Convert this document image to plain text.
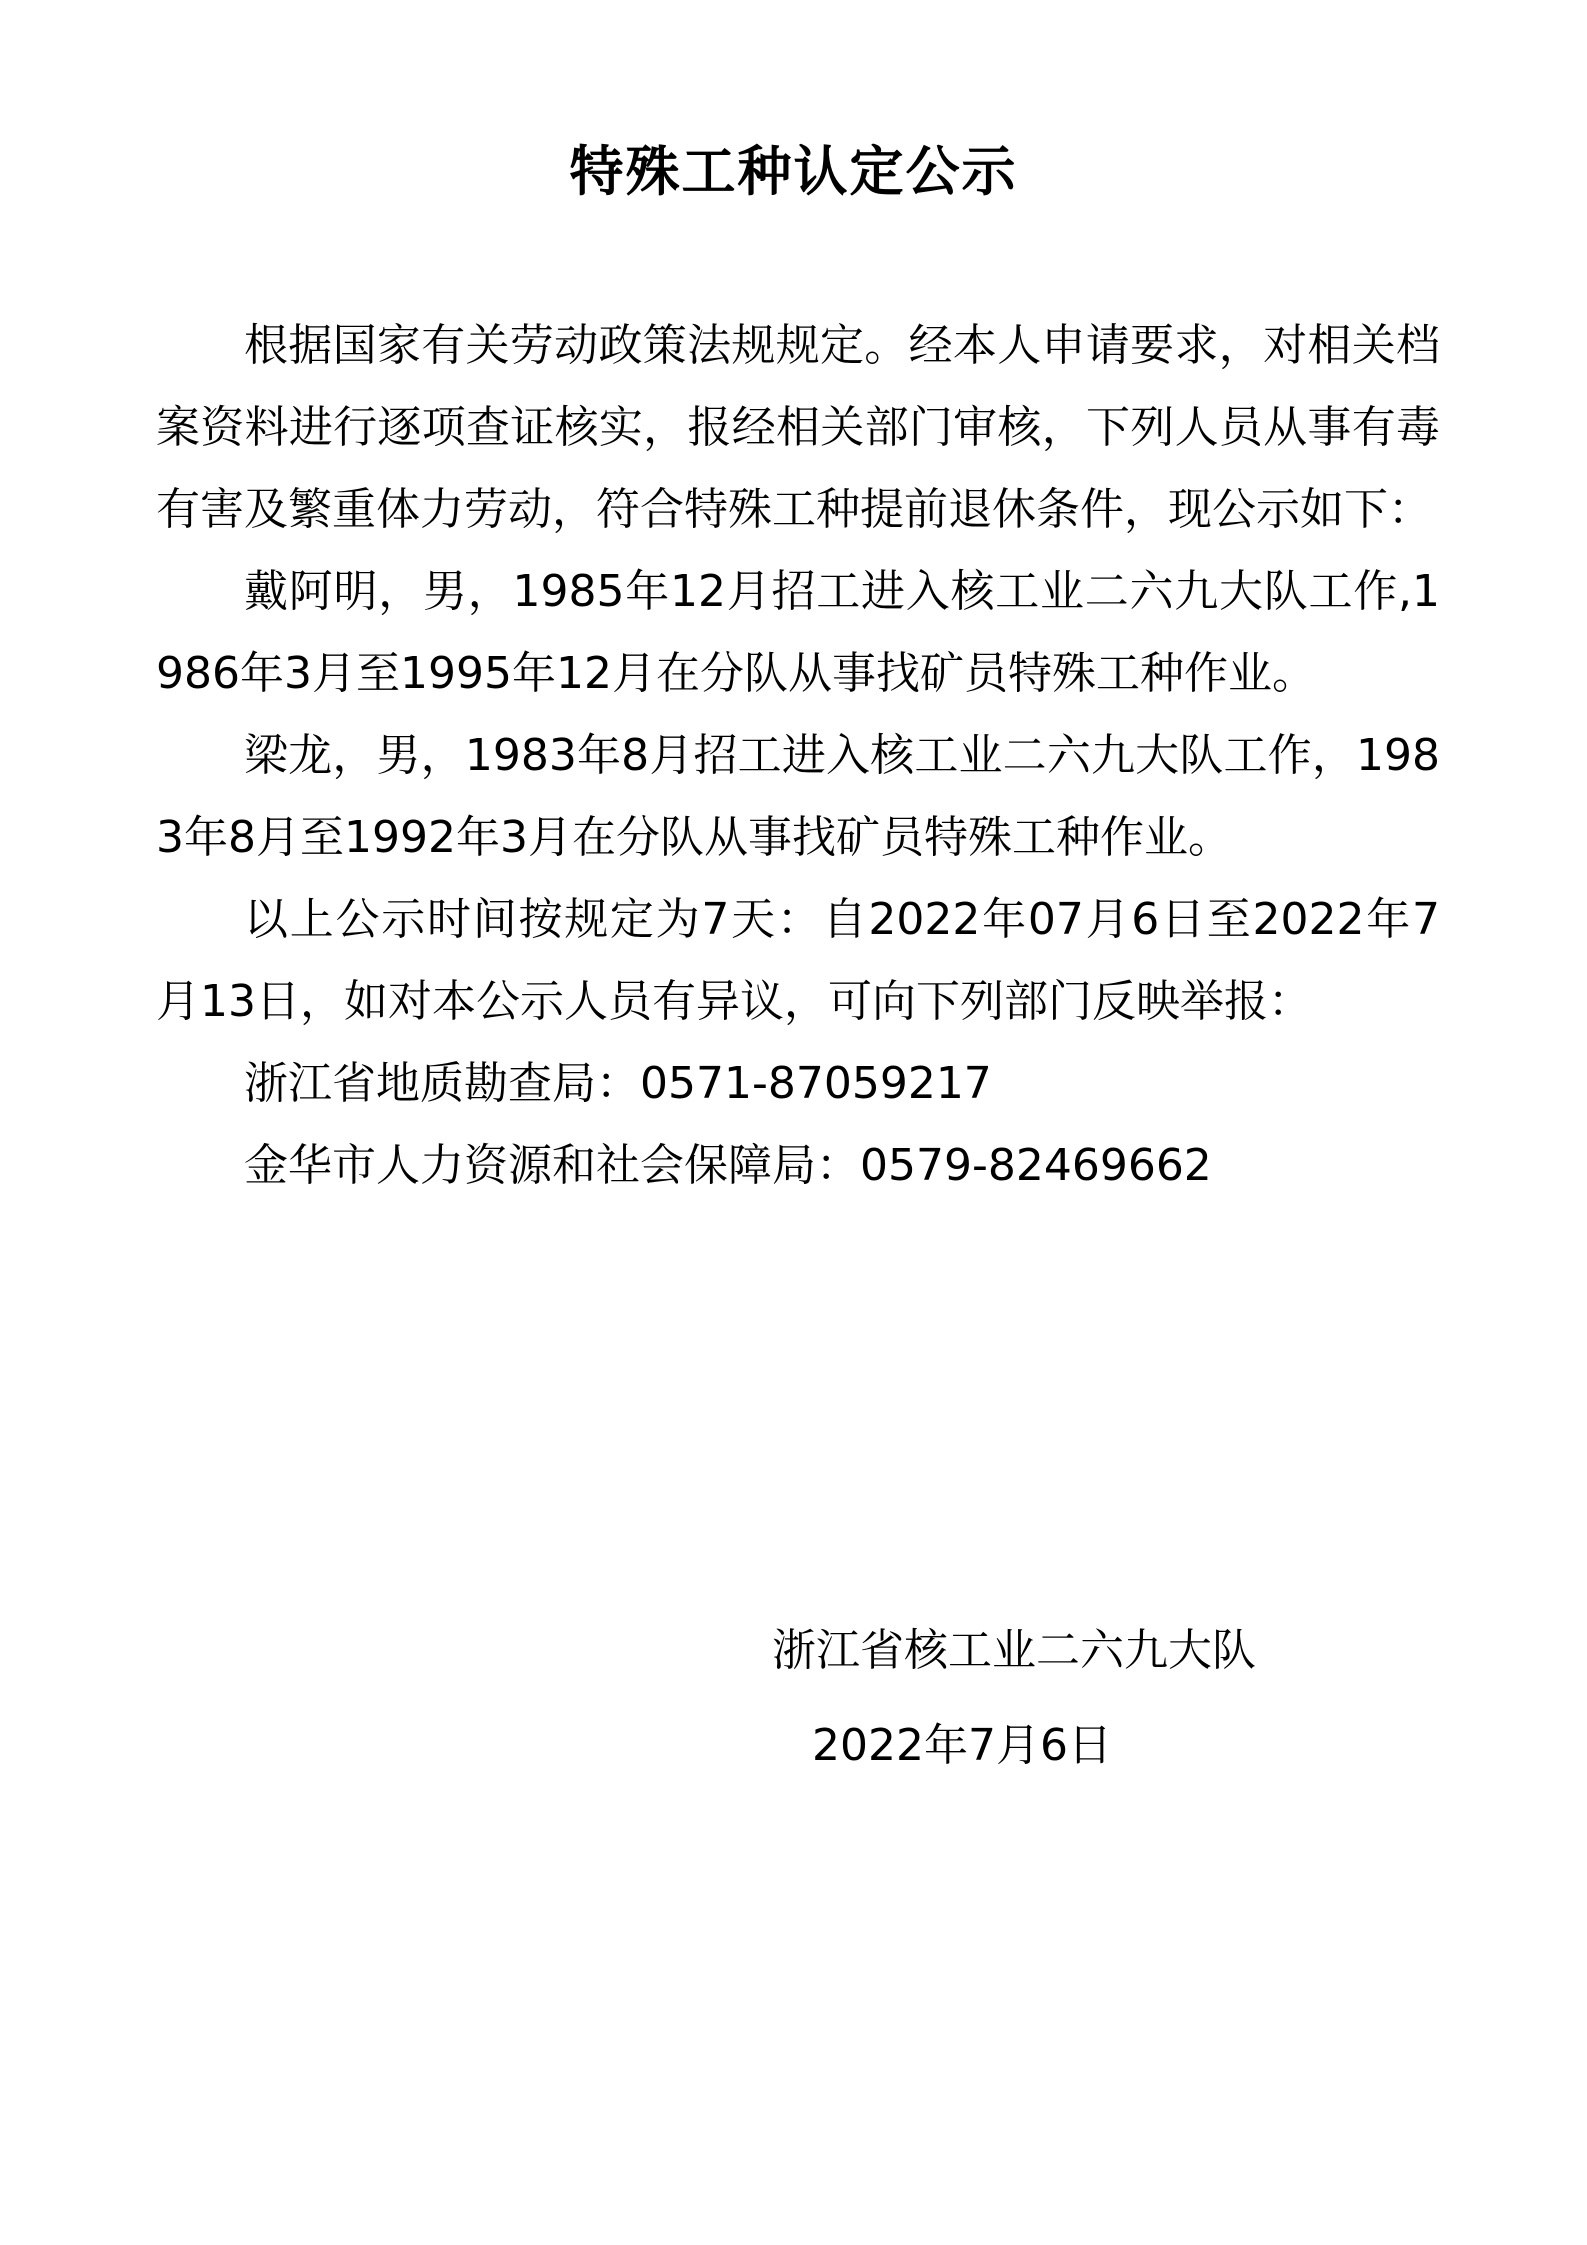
特殊工种认定公示

根据国家有关劳动政策法规规定。经本人申请要求，对相关档案资料进行逐项查证核实，报经相关部门审核，下列人员从事有毒有害及繁重体力劳动，符合特殊工种提前退休条件，现公示如下：

戴阿明，男，1985年12月招工进入核工业二六九大队工作,1986年3月至1995年12月在分队从事找矿员特殊工种作业。

梁龙，男，1983年8月招工进入核工业二六九大队工作，1983年8月至1992年3月在分队从事找矿员特殊工种作业。

以上公示时间按规定为7天：自2022年07月6日至2022年7月13日，如对本公示人员有异议，可向下列部门反映举报：

浙江省地质勘查局：0571-87059217

金华市人力资源和社会保障局：0579-82469662

浙江省核工业二六九大队
2022年7月6日
